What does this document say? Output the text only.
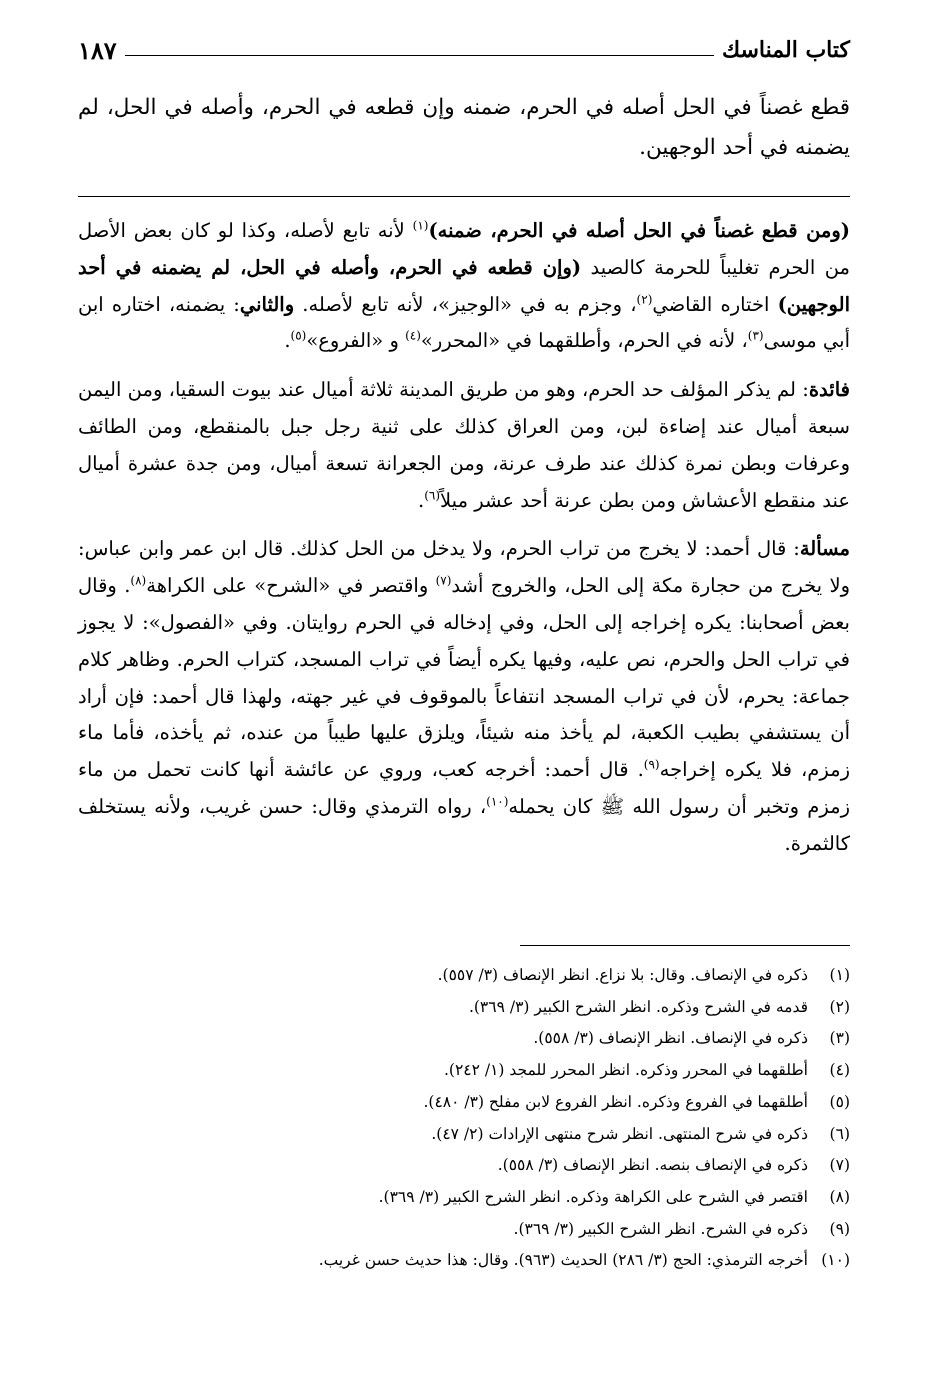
كتاب المناسك
١٨٧
قطع غصناً في الحل أصله في الحرم، ضمنه وإن قطعه في الحرم، وأصله في الحل، لم يضمنه في أحد الوجهين.

(ومن قطع غصناً في الحل أصله في الحرم، ضمنه)$^{(١)}$ لأنه تابع لأصله، وكذا لو كان بعض الأصل من الحرم تغليباً للحرمة كالصيد (وإن قطعه في الحرم، وأصله في الحل، لم يضمنه في أحد الوجهين) اختاره القاضي$^{(٢)}$، وجزم به في «الوجيز»، لأنه تابع لأصله. والثاني: يضمنه، اختاره ابن أبي موسى$^{(٣)}$، لأنه في الحرم، وأطلقهما في «المحرر»$^{(٤)}$ و «الفروع»$^{(٥)}$.

فائدة: لم يذكر المؤلف حد الحرم، وهو من طريق المدينة ثلاثة أميال عند بيوت السقيا، ومن اليمن سبعة أميال عند إضاءة لبن، ومن العراق كذلك على ثنية رجل جبل بالمنقطع، ومن الطائف وعرفات وبطن نمرة كذلك عند طرف عرنة، ومن الجعرانة تسعة أميال، ومن جدة عشرة أميال عند منقطع الأعشاش ومن بطن عرنة أحد عشر ميلاً$^{(٦)}$.

مسألة: قال أحمد: لا يخرج من تراب الحرم، ولا يدخل من الحل كذلك. قال ابن عمر وابن عباس: ولا يخرج من حجارة مكة إلى الحل، والخروج أشد$^{(٧)}$ واقتصر في «الشرح» على الكراهة$^{(٨)}$. وقال بعض أصحابنا: يكره إخراجه إلى الحل، وفي إدخاله في الحرم روايتان. وفي «الفصول»: لا يجوز في تراب الحل والحرم، نص عليه، وفيها يكره أيضاً في تراب المسجد، كتراب الحرم. وظاهر كلام جماعة: يحرم، لأن في تراب المسجد انتفاعاً بالموقوف في غير جهته، ولهذا قال أحمد: فإن أراد أن يستشفي بطيب الكعبة، لم يأخذ منه شيئاً، ويلزق عليها طيباً من عنده، ثم يأخذه، فأما ماء زمزم، فلا يكره إخراجه$^{(٩)}$. قال أحمد: أخرجه كعب، وروي عن عائشة أنها كانت تحمل من ماء زمزم وتخبر أن رسول الله ﷺ كان يحمله$^{(١٠)}$، رواه الترمذي وقال: حسن غريب، ولأنه يستخلف كالثمرة.

(١)
ذكره في الإنصاف. وقال: بلا نزاع. انظر الإنصاف (٣/ ٥٥٧).
(٢)
قدمه في الشرح وذكره. انظر الشرح الكبير (٣/ ٣٦٩).
(٣)
ذكره في الإنصاف. انظر الإنصاف (٣/ ٥٥٨).
(٤)
أطلقهما في المحرر وذكره. انظر المحرر للمجد (١/ ٢٤٢).
(٥)
أطلقهما في الفروع وذكره. انظر الفروع لابن مفلح (٣/ ٤٨٠).
(٦)
ذكره في شرح المنتهى. انظر شرح منتهى الإرادات (٢/ ٤٧).
(٧)
ذكره في الإنصاف بنصه. انظر الإنصاف (٣/ ٥٥٨).
(٨)
اقتصر في الشرح على الكراهة وذكره. انظر الشرح الكبير (٣/ ٣٦٩).
(٩)
ذكره في الشرح. انظر الشرح الكبير (٣/ ٣٦٩).
(١٠)
أخرجه الترمذي: الحج (٣/ ٢٨٦) الحديث (٩٦٣). وقال: هذا حديث حسن غريب.
